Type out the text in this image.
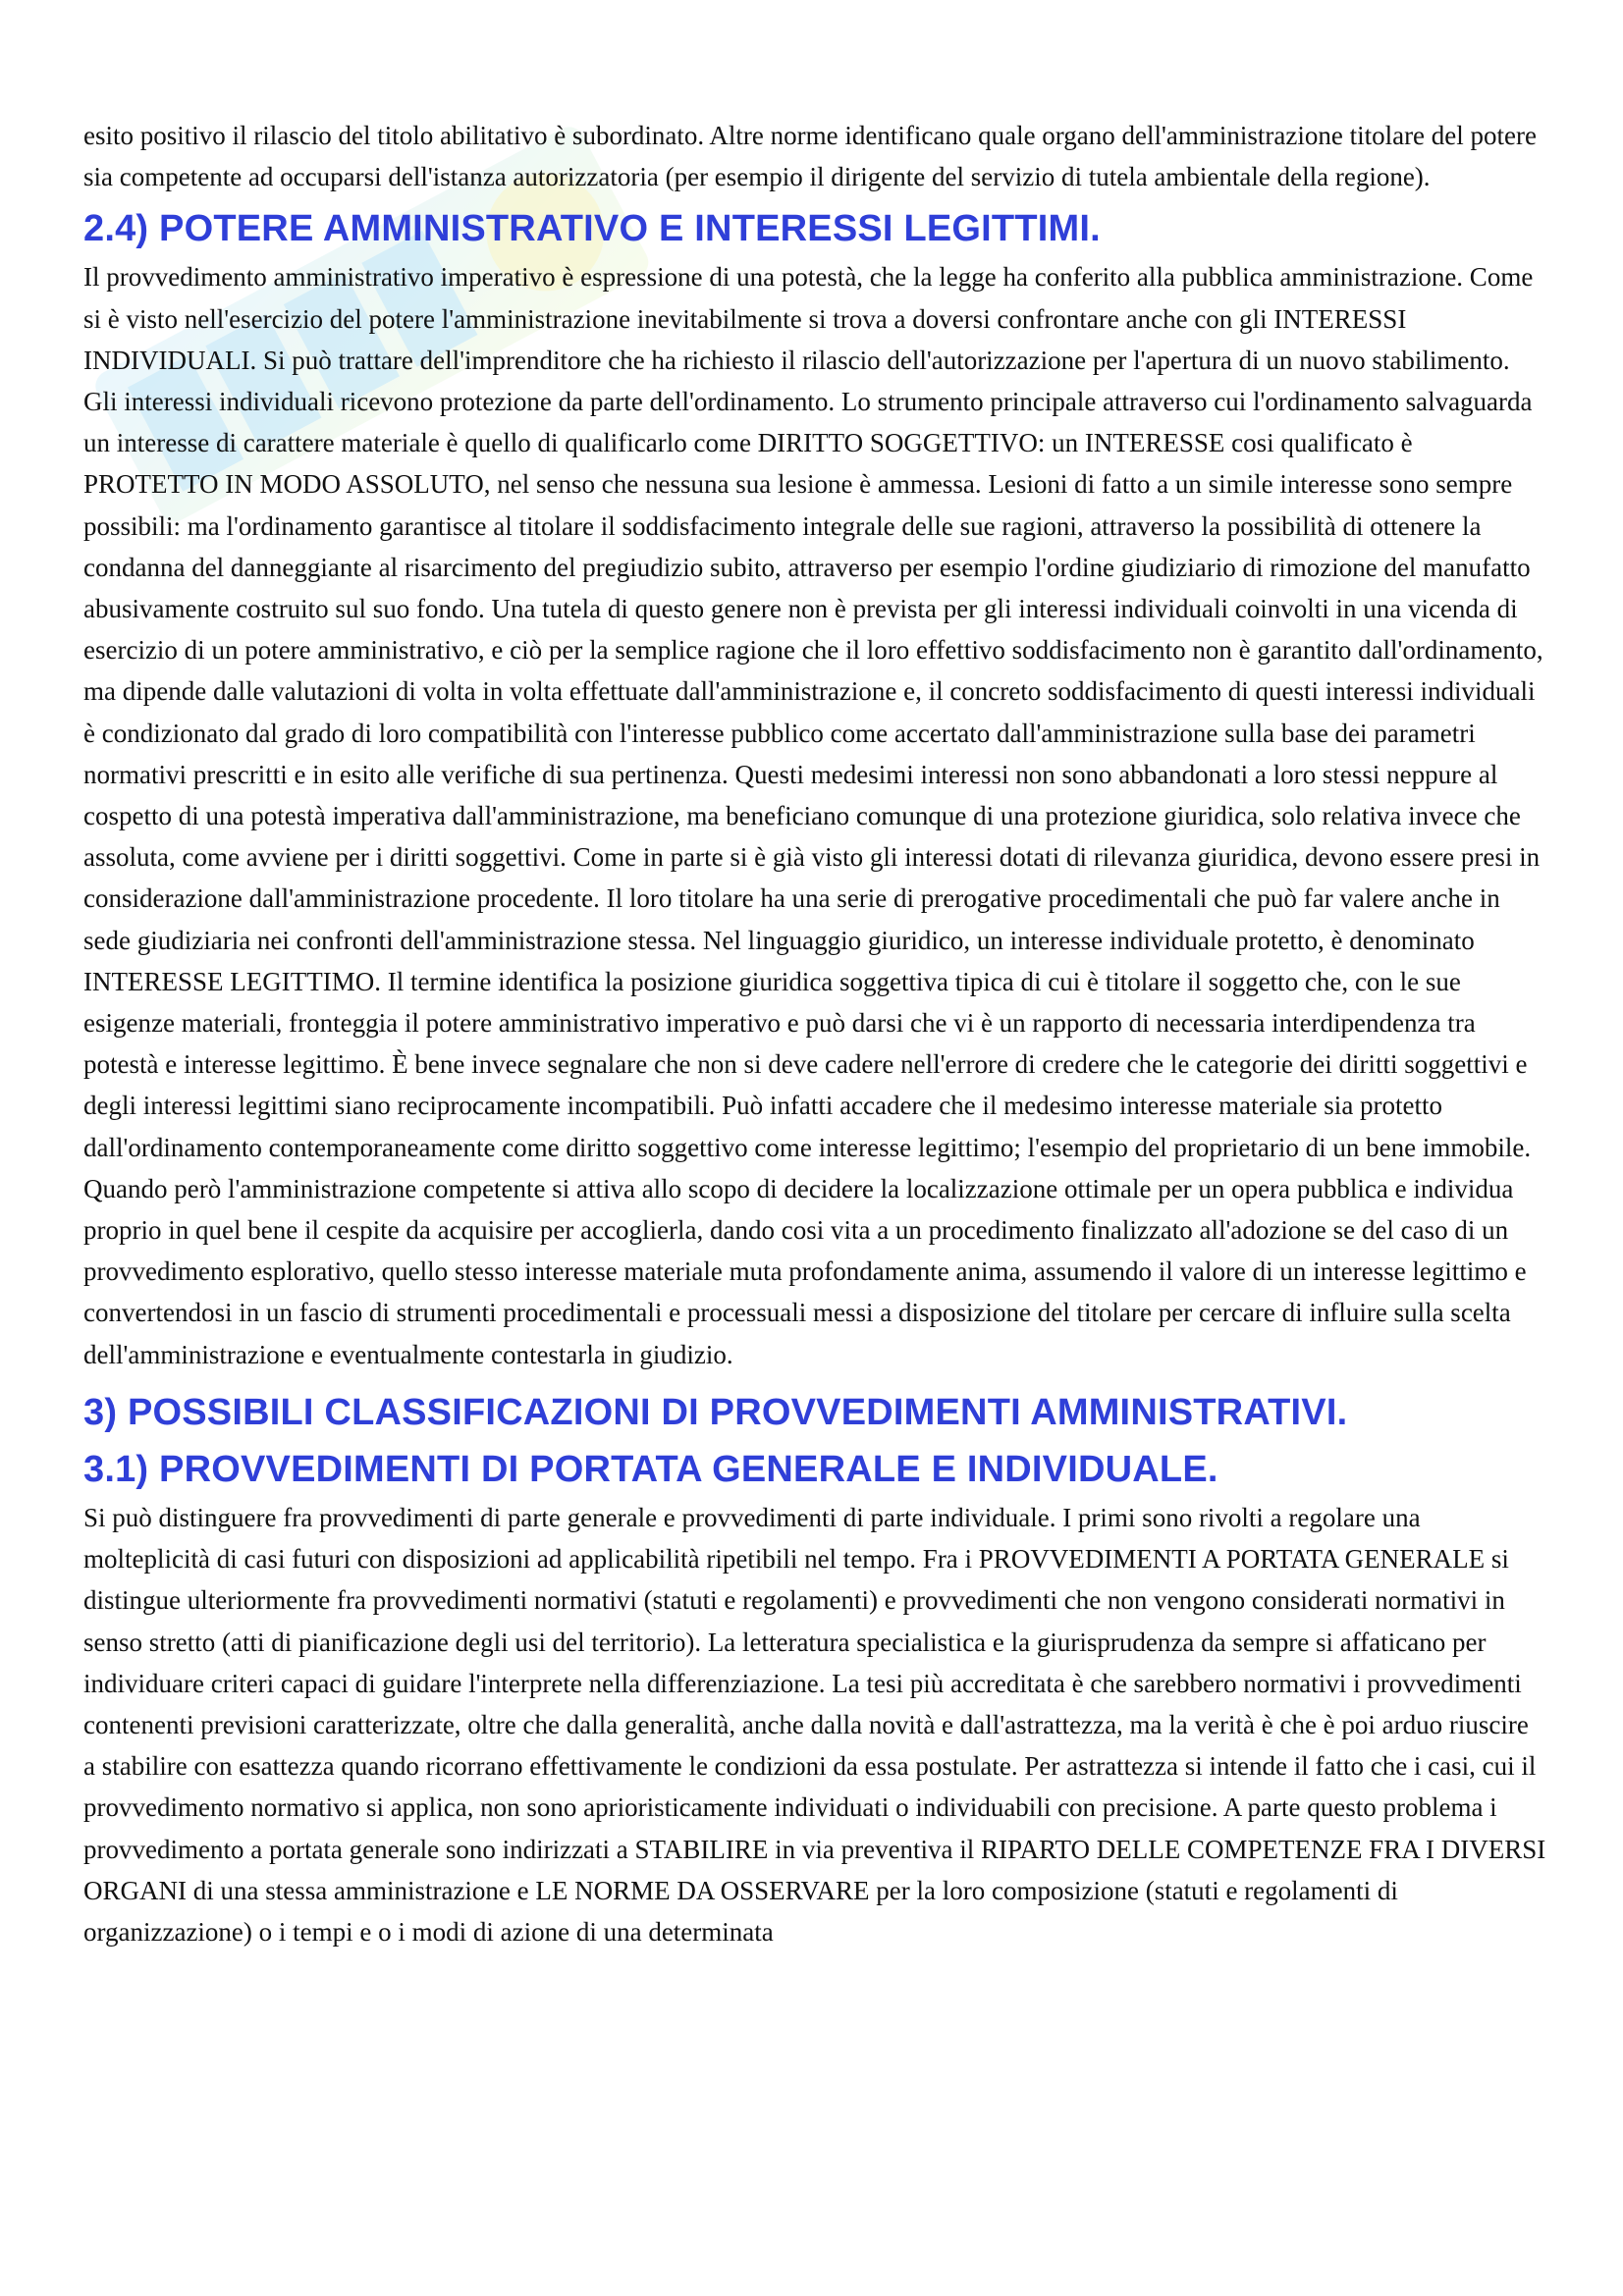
esito positivo il rilascio del titolo abilitativo è subordinato. Altre norme identificano quale organo dell'amministrazione titolare del potere sia competente ad occuparsi dell'istanza autorizzatoria (per esempio il dirigente del servizio di tutela ambientale della regione).

2.4) POTERE AMMINISTRATIVO E INTERESSI LEGITTIMI.

Il provvedimento amministrativo imperativo è espressione di una potestà, che la legge ha conferito alla pubblica amministrazione. Come si è visto nell'esercizio del potere l'amministrazione inevitabilmente si trova a doversi confrontare anche con gli INTERESSI INDIVIDUALI. Si può trattare dell'imprenditore che ha richiesto il rilascio dell'autorizzazione per l'apertura di un nuovo stabilimento. Gli interessi individuali ricevono protezione da parte dell'ordinamento. Lo strumento principale attraverso cui l'ordinamento salvaguarda un interesse di carattere materiale è quello di qualificarlo come DIRITTO SOGGETTIVO: un INTERESSE cosi qualificato è PROTETTO IN MODO ASSOLUTO, nel senso che nessuna sua lesione è ammessa. Lesioni di fatto a un simile interesse sono sempre possibili: ma l'ordinamento garantisce al titolare il soddisfacimento integrale delle sue ragioni, attraverso la possibilità di ottenere la condanna del danneggiante al risarcimento del pregiudizio subito, attraverso per esempio l'ordine giudiziario di rimozione del manufatto abusivamente costruito sul suo fondo. Una tutela di questo genere non è prevista per gli interessi individuali coinvolti in una vicenda di esercizio di un potere amministrativo, e ciò per la semplice ragione che il loro effettivo soddisfacimento non è garantito dall'ordinamento, ma dipende dalle valutazioni di volta in volta effettuate dall'amministrazione e, il concreto soddisfacimento di questi interessi individuali è condizionato dal grado di loro compatibilità con l'interesse pubblico come accertato dall'amministrazione sulla base dei parametri normativi prescritti e in esito alle verifiche di sua pertinenza. Questi medesimi interessi non sono abbandonati a loro stessi neppure al cospetto di una potestà imperativa dall'amministrazione, ma beneficiano comunque di una protezione giuridica, solo relativa invece che assoluta, come avviene per i diritti soggettivi. Come in parte si è già visto gli interessi dotati di rilevanza giuridica, devono essere presi in considerazione dall'amministrazione procedente. Il loro titolare ha una serie di prerogative procedimentali che può far valere anche in sede giudiziaria nei confronti dell'amministrazione stessa. Nel linguaggio giuridico, un interesse individuale protetto, è denominato INTERESSE LEGITTIMO. Il termine identifica la posizione giuridica soggettiva tipica di cui è titolare il soggetto che, con le sue esigenze materiali, fronteggia il potere amministrativo imperativo e può darsi che vi è un rapporto di necessaria interdipendenza tra potestà e interesse legittimo. È bene invece segnalare che non si deve cadere nell'errore di credere che le categorie dei diritti soggettivi e degli interessi legittimi siano reciprocamente incompatibili. Può infatti accadere che il medesimo interesse materiale sia protetto dall'ordinamento contemporaneamente come diritto soggettivo come interesse legittimo; l'esempio del proprietario di un bene immobile. Quando però l'amministrazione competente si attiva allo scopo di decidere la localizzazione ottimale per un opera pubblica e individua proprio in quel bene il cespite da acquisire per accoglierla, dando cosi vita a un procedimento finalizzato all'adozione se del caso di un provvedimento esplorativo, quello stesso interesse materiale muta profondamente anima, assumendo il valore di un interesse legittimo e convertendosi in un fascio di strumenti procedimentali e processuali messi a disposizione del titolare per cercare di influire sulla scelta dell'amministrazione e eventualmente contestarla in giudizio.

3) POSSIBILI CLASSIFICAZIONI DI PROVVEDIMENTI AMMINISTRATIVI.
3.1) PROVVEDIMENTI DI PORTATA GENERALE E INDIVIDUALE.

Si può distinguere fra provvedimenti di parte generale e provvedimenti di parte individuale. I primi sono rivolti a regolare una molteplicità di casi futuri con disposizioni ad applicabilità ripetibili nel tempo. Fra i PROVVEDIMENTI A PORTATA GENERALE si distingue ulteriormente fra provvedimenti normativi (statuti e regolamenti) e provvedimenti che non vengono considerati normativi in senso stretto (atti di pianificazione degli usi del territorio). La letteratura specialistica e la giurisprudenza da sempre si affaticano per individuare criteri capaci di guidare l'interprete nella differenziazione. La tesi più accreditata è che sarebbero normativi i provvedimenti contenenti previsioni caratterizzate, oltre che dalla generalità, anche dalla novità e dall'astrattezza, ma la verità è che è poi arduo riuscire a stabilire con esattezza quando ricorrano effettivamente le condizioni da essa postulate. Per astrattezza si intende il fatto che i casi, cui il provvedimento normativo si applica, non sono aprioristicamente individuati o individuabili con precisione. A parte questo problema i provvedimento a portata generale sono indirizzati a STABILIRE in via preventiva il RIPARTO DELLE COMPETENZE FRA I DIVERSI ORGANI di una stessa amministrazione e LE NORME DA OSSERVARE per la loro composizione (statuti e regolamenti di organizzazione) o i tempi e o i modi di azione di una determinata
